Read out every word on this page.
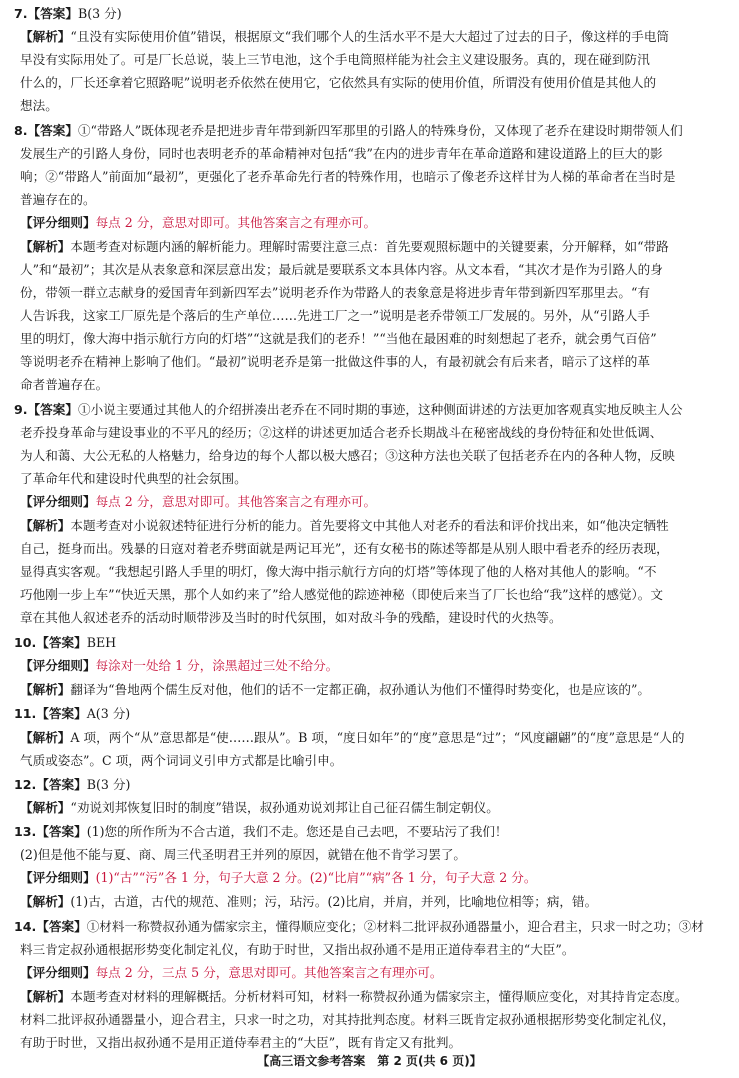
7.【答案】B(3 分)
【解析】“且没有实际使用价值”错误，根据原文“我们哪个人的生活水平不是大大超过了过去的日子，像这样的手电筒
早没有实际用处了。可是厂长总说，装上三节电池，这个手电筒照样能为社会主义建设服务。真的，现在碰到防汛
什么的，厂长还拿着它照路呢”说明老乔依然在使用它，它依然具有实际的使用价值，所谓没有使用价值是其他人的
想法。
8.【答案】①“带路人”既体现老乔是把进步青年带到新四军那里的引路人的特殊身份，又体现了老乔在建设时期带领人们
发展生产的引路人身份，同时也表明老乔的革命精神对包括“我”在内的进步青年在革命道路和建设道路上的巨大的影
响；②“带路人”前面加“最初”，更强化了老乔革命先行者的特殊作用，也暗示了像老乔这样甘为人梯的革命者在当时是
普遍存在的。
【评分细则】每点 2 分，意思对即可。其他答案言之有理亦可。
【解析】本题考查对标题内涵的解析能力。理解时需要注意三点：首先要观照标题中的关键要素，分开解释，如“带路
人”和“最初”；其次是从表象意和深层意出发；最后就是要联系文本具体内容。从文本看，“其次才是作为引路人的身
份，带领一群立志献身的爱国青年到新四军去”说明老乔作为带路人的表象意是将进步青年带到新四军那里去。“有
人告诉我，这家工厂原先是个落后的生产单位……先进工厂之一”说明是老乔带领工厂发展的。另外，从“引路人手
里的明灯，像大海中指示航行方向的灯塔”“这就是我们的老乔！”“当他在最困难的时刻想起了老乔，就会勇气百倍”
等说明老乔在精神上影响了他们。“最初”说明老乔是第一批做这件事的人，有最初就会有后来者，暗示了这样的革
命者普遍存在。
9.【答案】①小说主要通过其他人的介绍拼凑出老乔在不同时期的事迹，这种侧面讲述的方法更加客观真实地反映主人公
老乔投身革命与建设事业的不平凡的经历；②这样的讲述更加适合老乔长期战斗在秘密战线的身份特征和处世低调、
为人和蔼、大公无私的人格魅力，给身边的每个人都以极大感召；③这种方法也关联了包括老乔在内的各种人物，反映
了革命年代和建设时代典型的社会氛围。
【评分细则】每点 2 分，意思对即可。其他答案言之有理亦可。
【解析】本题考查对小说叙述特征进行分析的能力。首先要将文中其他人对老乔的看法和评价找出来，如“他决定牺牲
自己，挺身而出。残暴的日寇对着老乔劈面就是两记耳光”，还有女秘书的陈述等都是从别人眼中看老乔的经历表现，
显得真实客观。“我想起引路人手里的明灯，像大海中指示航行方向的灯塔”等体现了他的人格对其他人的影响。“不
巧他刚一步上车”“快近天黑，那个人如约来了”给人感觉他的踪迹神秘（即使后来当了厂长也给“我”这样的感觉）。文
章在其他人叙述老乔的活动时顺带涉及当时的时代氛围，如对敌斗争的残酷，建设时代的火热等。
10.【答案】BEH
【评分细则】每涂对一处给 1 分，涂黑超过三处不给分。
【解析】翻译为“鲁地两个儒生反对他，他们的话不一定都正确，叔孙通认为他们不懂得时势变化，也是应该的”。
11.【答案】A(3 分)
【解析】A 项，两个“从”意思都是“使……跟从”。B 项，“度日如年”的“度”意思是“过”；“风度翩翩”的“度”意思是“人的
气质或姿态”。C 项，两个词词义引申方式都是比喻引申。
12.【答案】B(3 分)
【解析】“劝说刘邦恢复旧时的制度”错误，叔孙通劝说刘邦让自己征召儒生制定朝仪。
13.【答案】(1)您的所作所为不合古道，我们不走。您还是自己去吧，不要玷污了我们！
(2)但是他不能与夏、商、周三代圣明君王并列的原因，就错在他不肯学习罢了。
【评分细则】(1)“古”“污”各 1 分，句子大意 2 分。(2)“比肩”“病”各 1 分，句子大意 2 分。
【解析】(1)古，古道，古代的规范、准则；污，玷污。(2)比肩，并肩，并列，比喻地位相等；病，错。
14.【答案】①材料一称赞叔孙通为儒家宗主，懂得顺应变化；②材料二批评叔孙通器量小，迎合君主，只求一时之功；③材
料三肯定叔孙通根据形势变化制定礼仪，有助于时世，又指出叔孙通不是用正道侍奉君主的“大臣”。
【评分细则】每点 2 分，三点 5 分，意思对即可。其他答案言之有理亦可。
【解析】本题考查对材料的理解概括。分析材料可知，材料一称赞叔孙通为儒家宗主，懂得顺应变化，对其持肯定态度。
材料二批评叔孙通器量小，迎合君主，只求一时之功，对其持批判态度。材料三既肯定叔孙通根据形势变化制定礼仪，
有助于时世，又指出叔孙通不是用正道侍奉君主的“大臣”，既有肯定又有批判。
【高三语文参考答案　第 2 页(共 6 页)】
